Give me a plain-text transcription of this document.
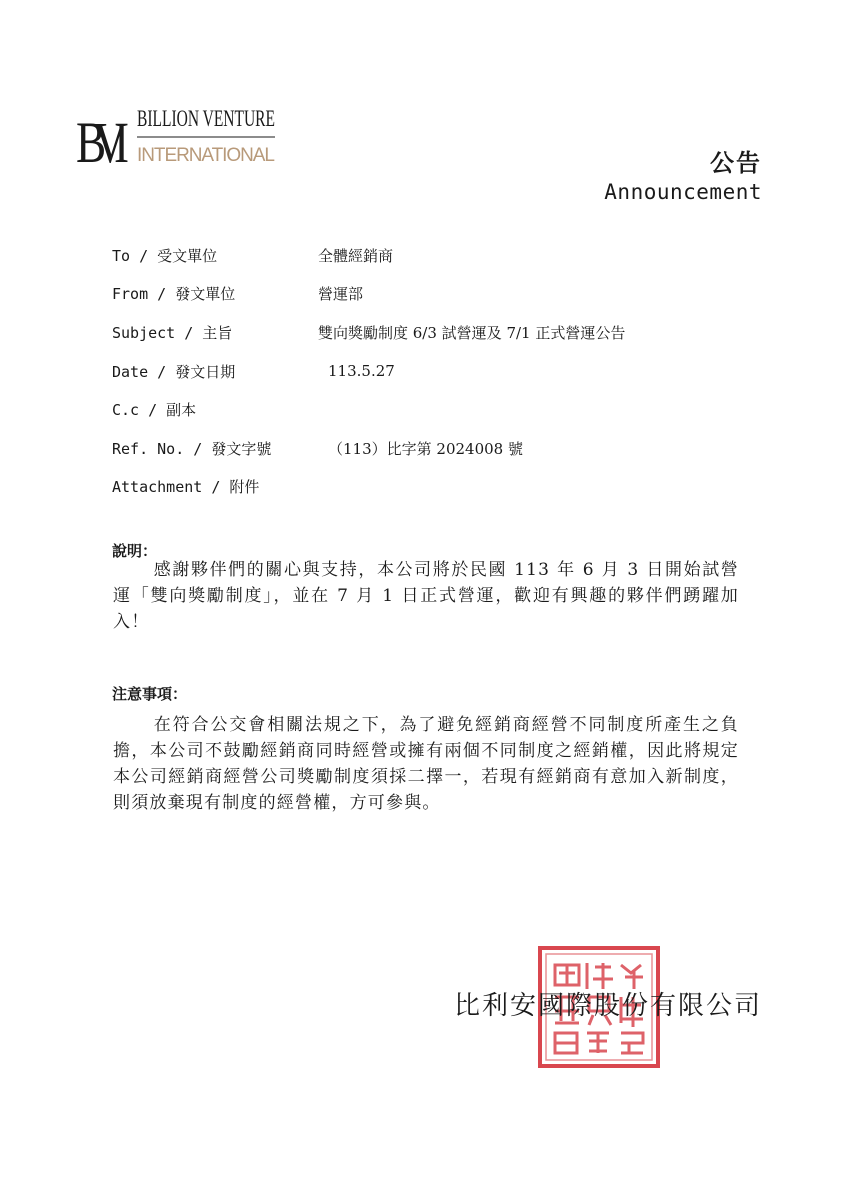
BVI BILLION VENTURE
INTERNATIONAL	公告
Announcement
To / 受文單位	全體經銷商
From / 發文單位	營運部
Subject / 主旨	雙向獎勵制度 6/3 試營運及 7/1 正式營運公告
Date / 發文日期	113.5.27
C.c / 副本
Ref. No. / 發文字號	（113）比字第 2024008 號
Attachment / 附件
說明：

感謝夥伴們的關心與支持，本公司將於民國 113 年 6 月 3 日開始試營運「雙向獎勵制度」，並在 7 月 1 日正式營運，歡迎有興趣的夥伴們踴躍加入！

注意事項：

在符合公交會相關法規之下，為了避免經銷商經營不同制度所產生之負擔，本公司不鼓勵經銷商同時經營或擁有兩個不同制度之經銷權，因此將規定本公司經銷商經營公司獎勵制度須採二擇一，若現有經銷商有意加入新制度，則須放棄現有制度的經營權，方可參與。

比利安國際股份有限公司
